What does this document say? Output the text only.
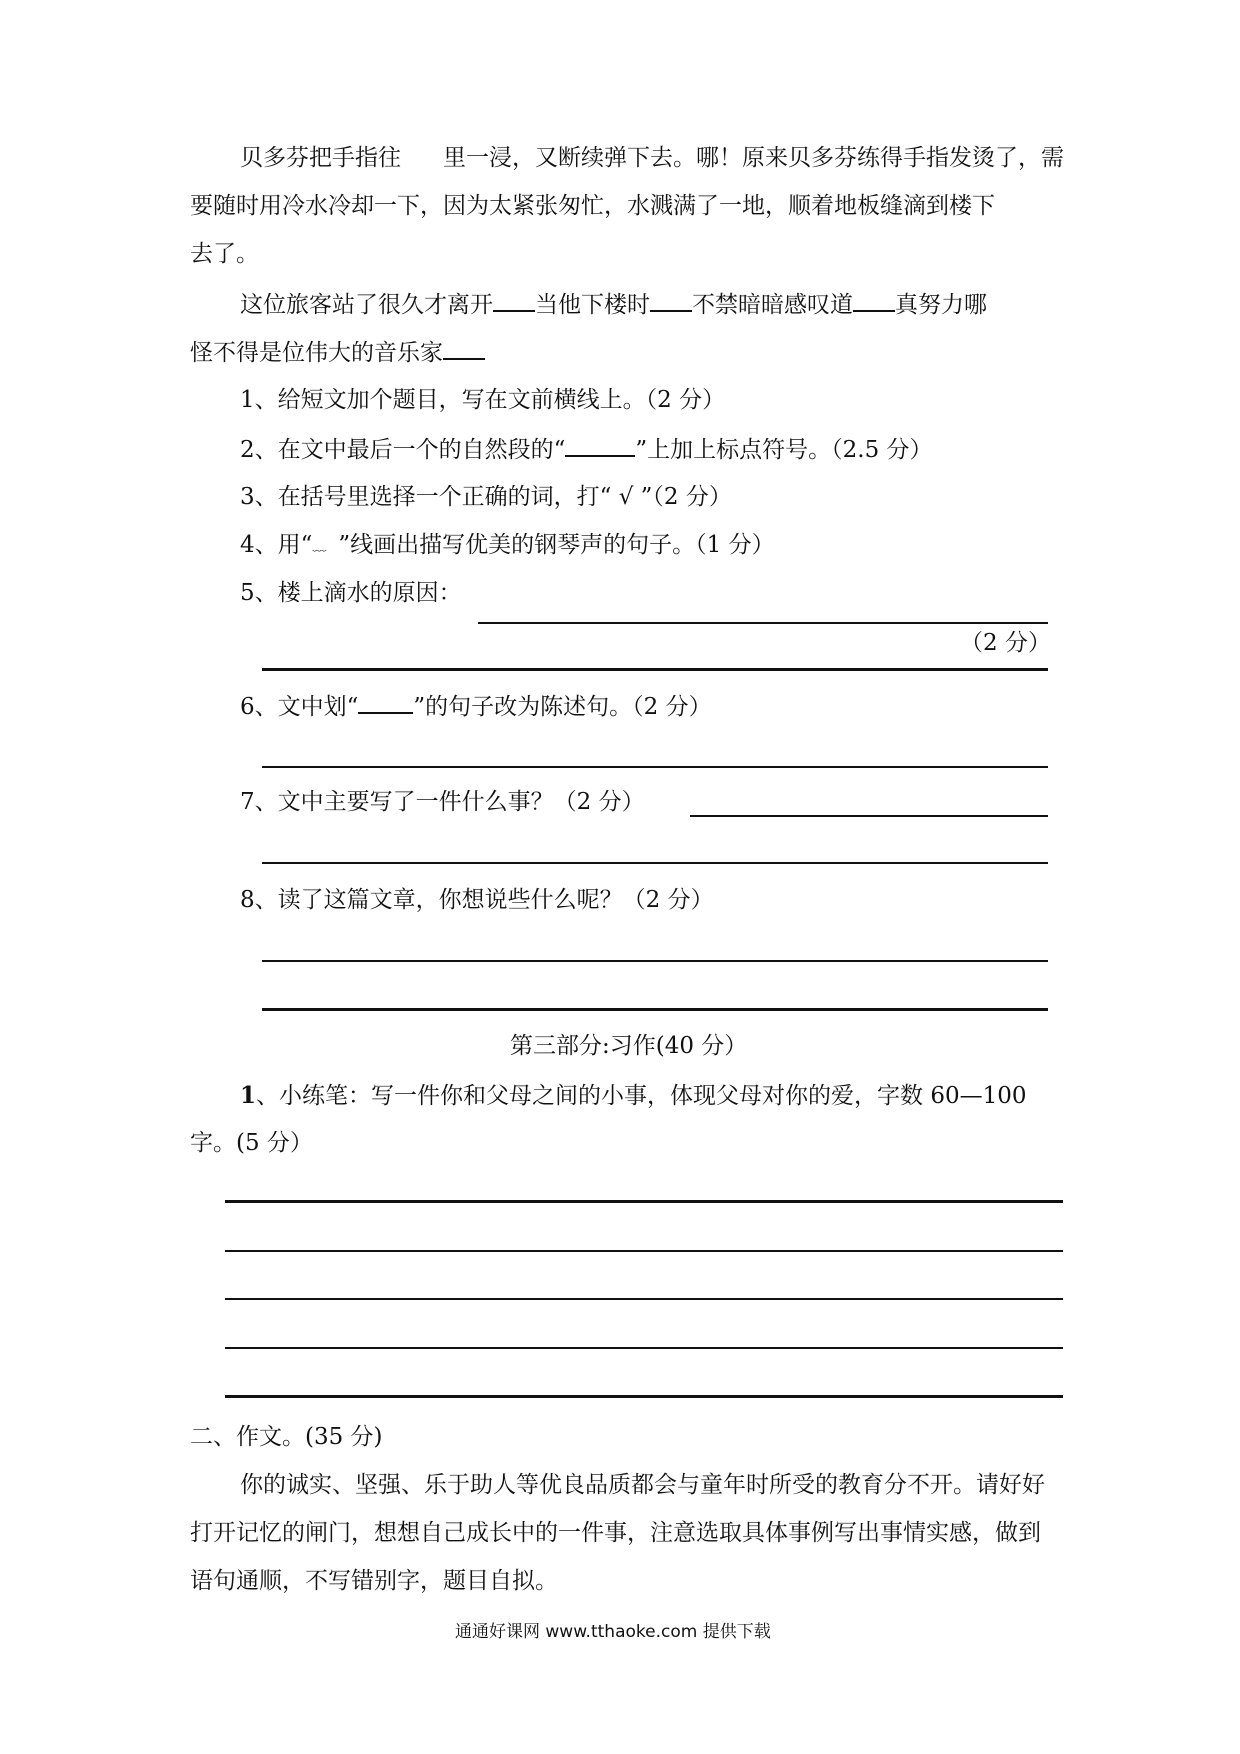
贝多芬把手指往 里一浸，又断续弹下去。哪！原来贝多芬练得手指发烫了，需
要随时用冷水冷却一下，因为太紧张匆忙，水溅满了一地，顺着地板缝滴到楼下
去了。
这位旅客站了很久才离开 当他下楼时 不禁暗暗感叹道 真努力哪
怪不得是位伟大的音乐家
1、给短文加个题目，写在文前横线上。（2 分）
2、在文中最后一个的自然段的“	”上加上标点符号。（2.5 分）
3、在括号里选择一个正确的词，打“ √ ”（2 分）
4、用“﹏ ”线画出描写优美的钢琴声的句子。（1 分）
5、楼上滴水的原因：
（2 分）
6、文中划“ ”的句子改为陈述句。（2 分）
7、文中主要写了一件什么事？（2 分）
8、读了这篇文章，你想说些什么呢？（2 分）
第三部分:习作(40 分）
1、小练笔：写一件你和父母之间的小事，体现父母对你的爱，字数 60—100
字。(5 分）
二、作文。(35 分)
你的诚实、坚强、乐于助人等优良品质都会与童年时所受的教育分不开。请好好
打开记忆的闸门，想想自己成长中的一件事，注意选取具体事例写出事情实感，做到
语句通顺，不写错别字，题目自拟。
通通好课网 www.tthaoke.com 提供下载
